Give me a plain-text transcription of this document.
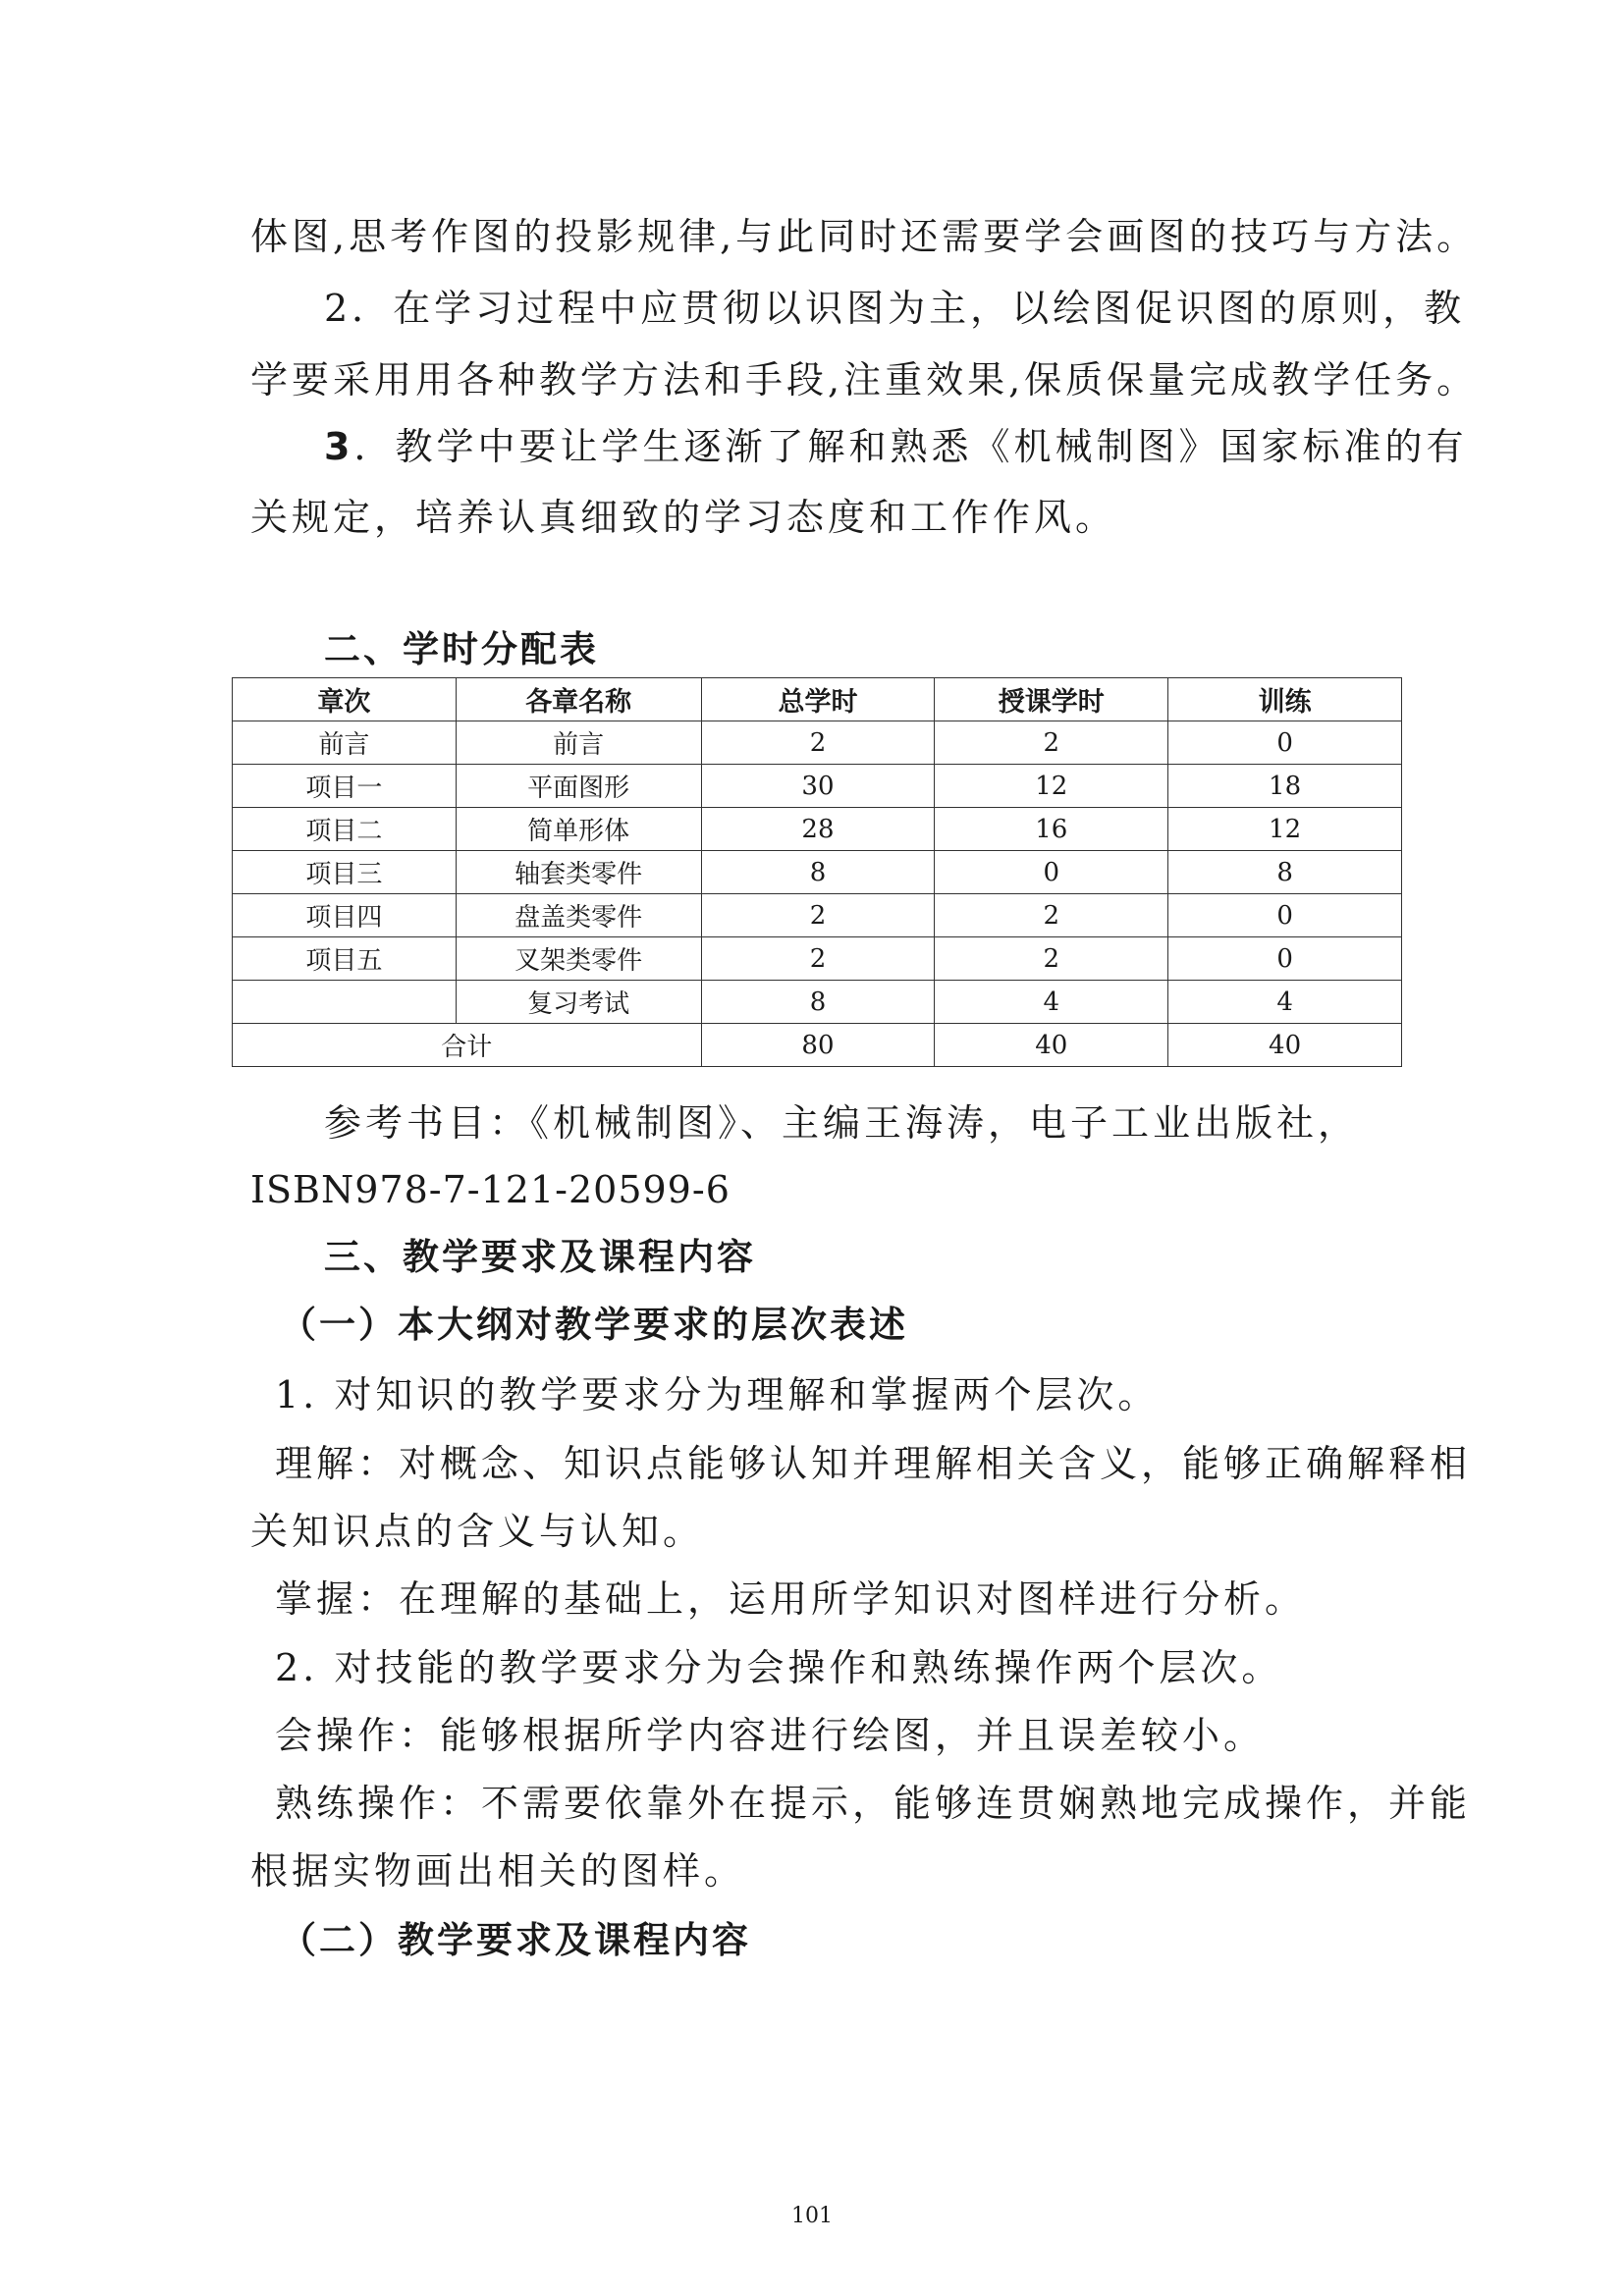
体图,思考作图的投影规律,与此同时还需要学会画图的技巧与方法。
2．在学习过程中应贯彻以识图为主，以绘图促识图的原则，教
学要采用用各种教学方法和手段,注重效果,保质保量完成教学任务。
3．教学中要让学生逐渐了解和熟悉《机械制图》国家标准的有
关规定，培养认真细致的学习态度和工作作风。
二、学时分配表
章次	各章名称	总学时	授课学时	训练
前言	前言	2	2	0
项目一	平面图形	30	12	18
项目二	简单形体	28	16	12
项目三	轴套类零件	8	0	8
项目四	盘盖类零件	2	2	0
项目五	叉架类零件	2	2	0
	复习考试	8	4	4
合计		80	40	40
参考书目：《机械制图》、主编王海涛，电子工业出版社，
ISBN978-7-121-20599-6
三、教学要求及课程内容
（一）本大纲对教学要求的层次表述
1. 对知识的教学要求分为理解和掌握两个层次。
理解：对概念、知识点能够认知并理解相关含义，能够正确解释相
关知识点的含义与认知。
掌握：在理解的基础上，运用所学知识对图样进行分析。
2. 对技能的教学要求分为会操作和熟练操作两个层次。
会操作：能够根据所学内容进行绘图，并且误差较小。
熟练操作：不需要依靠外在提示，能够连贯娴熟地完成操作，并能
根据实物画出相关的图样。
（二）教学要求及课程内容
101
